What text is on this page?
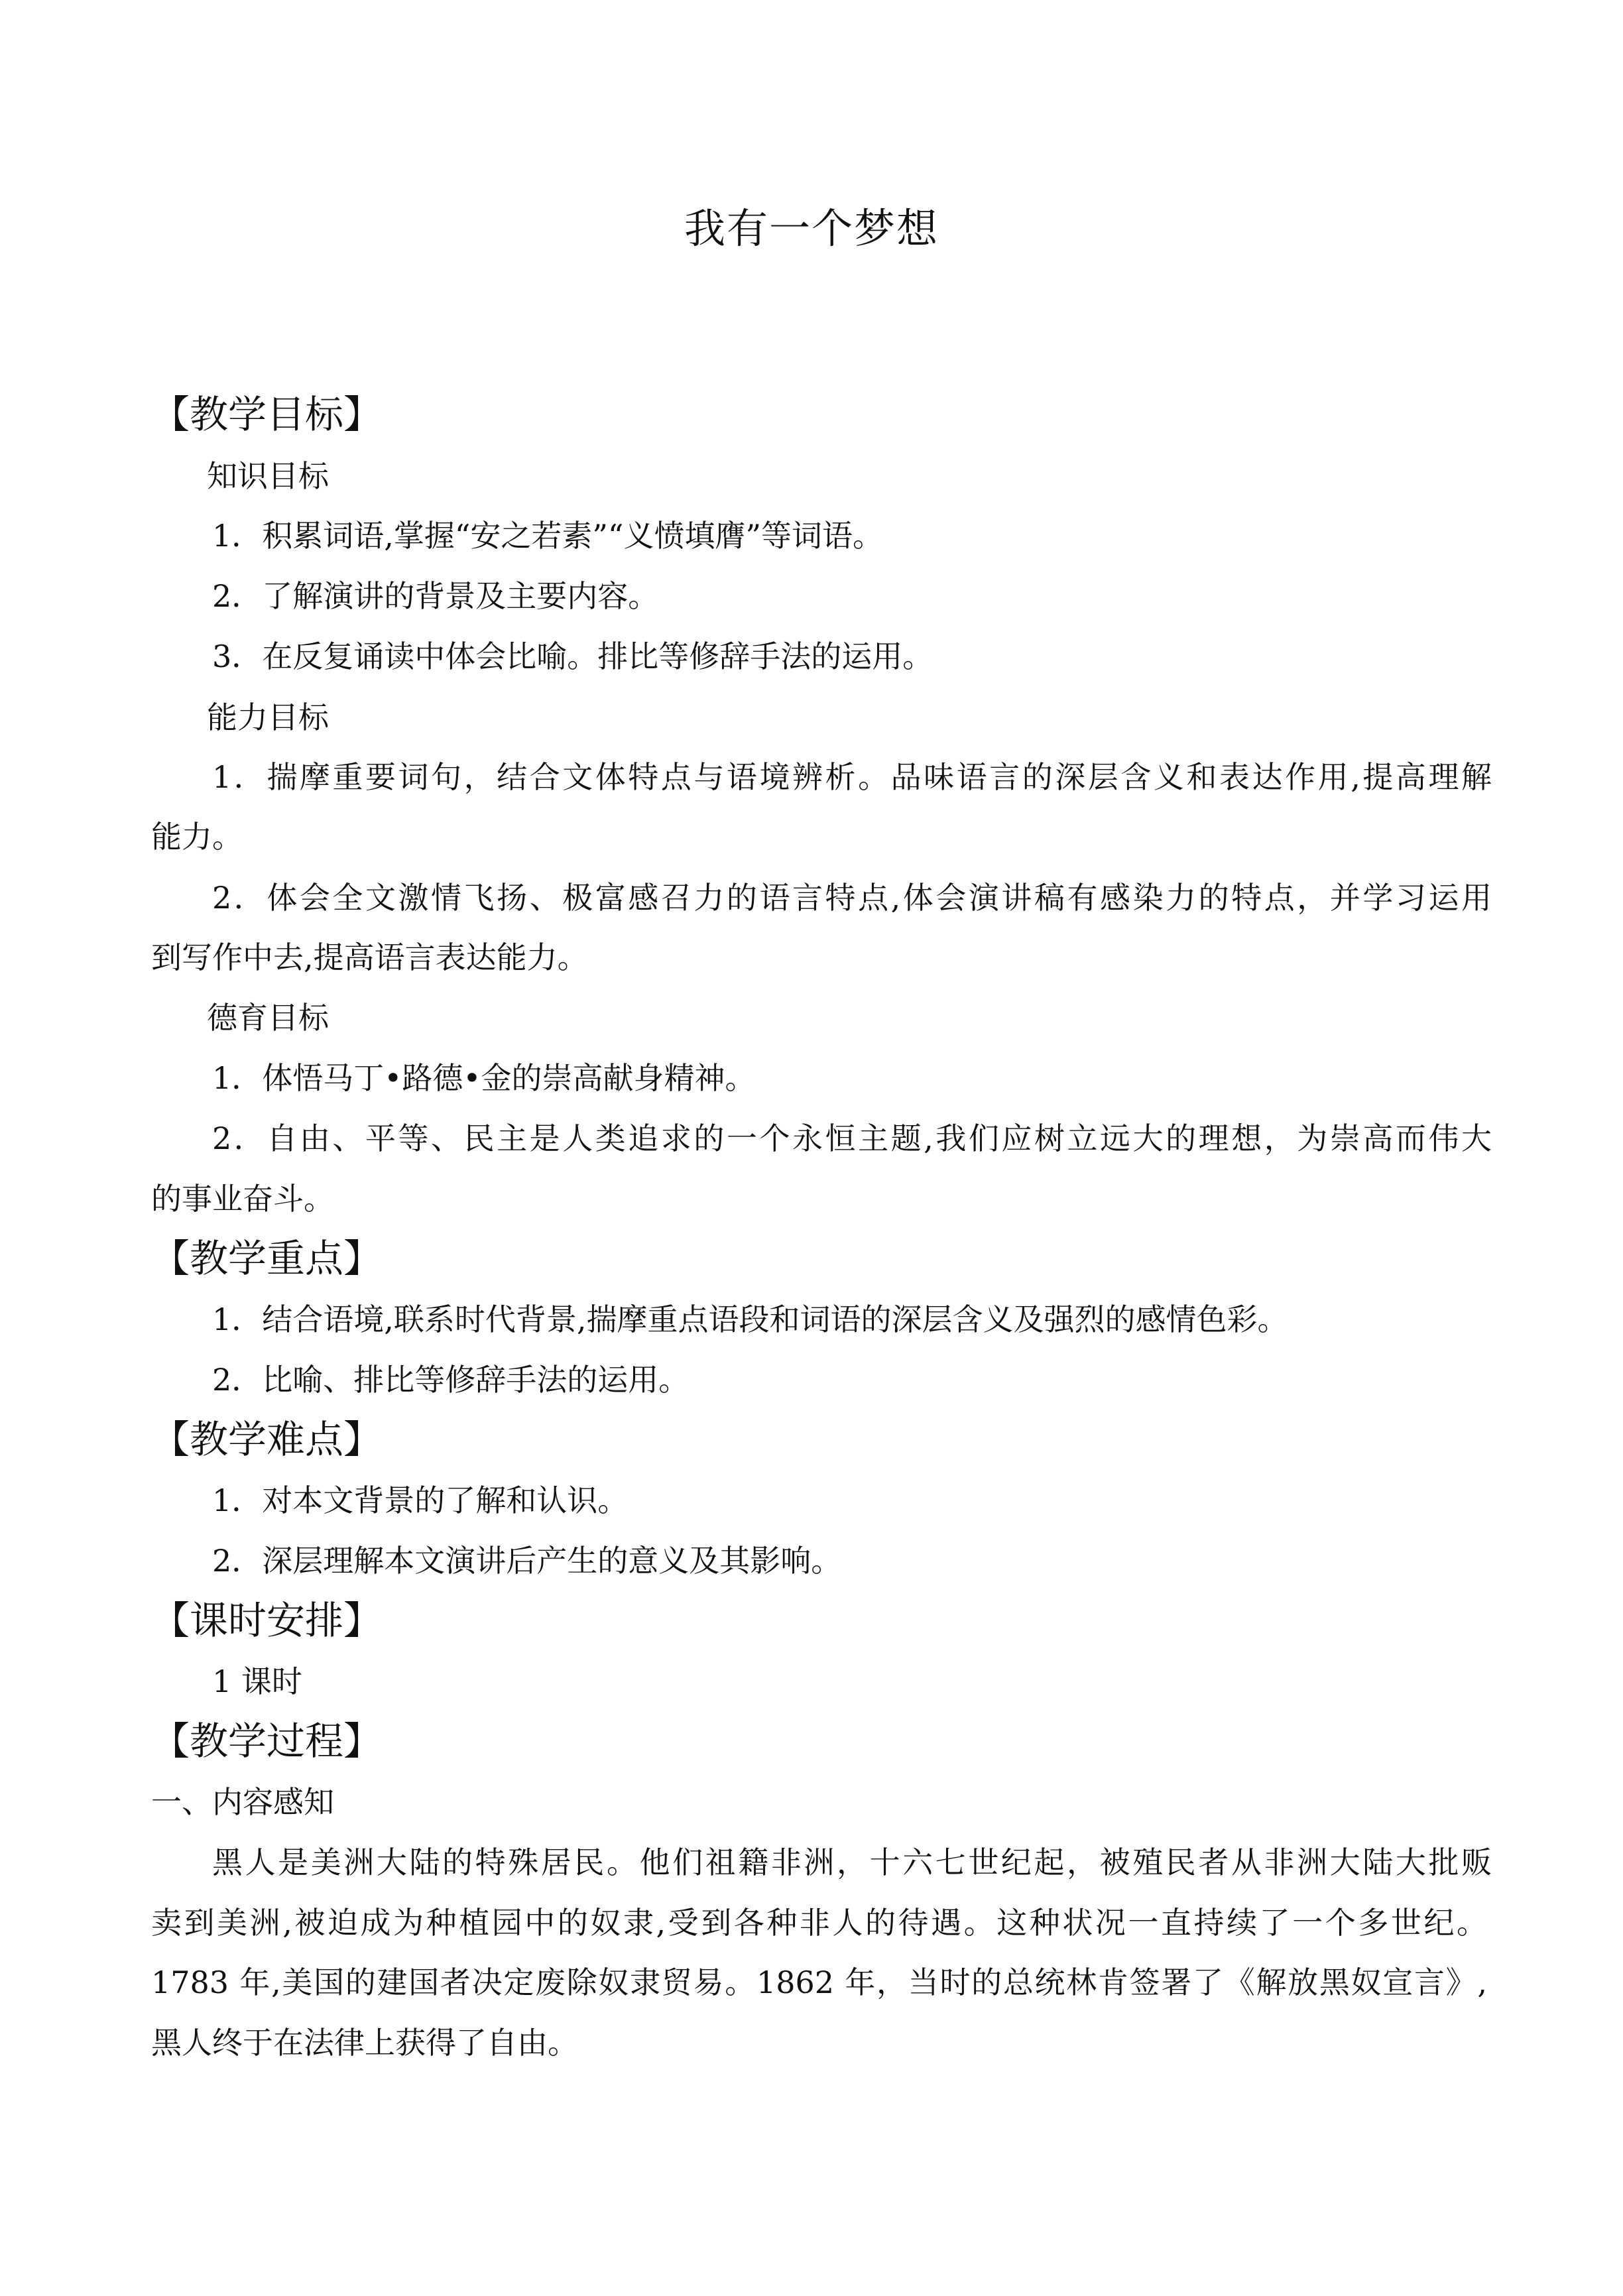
我有一个梦想
【教学目标】
知识目标
1．积累词语,掌握“安之若素”“义愤填膺”等词语。
2．了解演讲的背景及主要内容。
3．在反复诵读中体会比喻。排比等修辞手法的运用。
能力目标
1．揣摩重要词句，结合文体特点与语境辨析。品味语言的深层含义和表达作用,提高理解
能力。
2．体会全文激情飞扬、极富感召力的语言特点,体会演讲稿有感染力的特点，并学习运用
到写作中去,提高语言表达能力。
德育目标
1．体悟马丁•路德•金的崇高献身精神。
2．自由、平等、民主是人类追求的一个永恒主题,我们应树立远大的理想，为崇高而伟大
的事业奋斗。
【教学重点】
1．结合语境,联系时代背景,揣摩重点语段和词语的深层含义及强烈的感情色彩。
2．比喻、排比等修辞手法的运用。
【教学难点】
1．对本文背景的了解和认识。
2．深层理解本文演讲后产生的意义及其影响。
【课时安排】
1 课时
【教学过程】
一、内容感知
黑人是美洲大陆的特殊居民。他们祖籍非洲，十六七世纪起，被殖民者从非洲大陆大批贩
卖到美洲,被迫成为种植园中的奴隶,受到各种非人的待遇。这种状况一直持续了一个多世纪。
1783 年,美国的建国者决定废除奴隶贸易。1862 年，当时的总统林肯签署了《解放黑奴宣言》,
黑人终于在法律上获得了自由。
